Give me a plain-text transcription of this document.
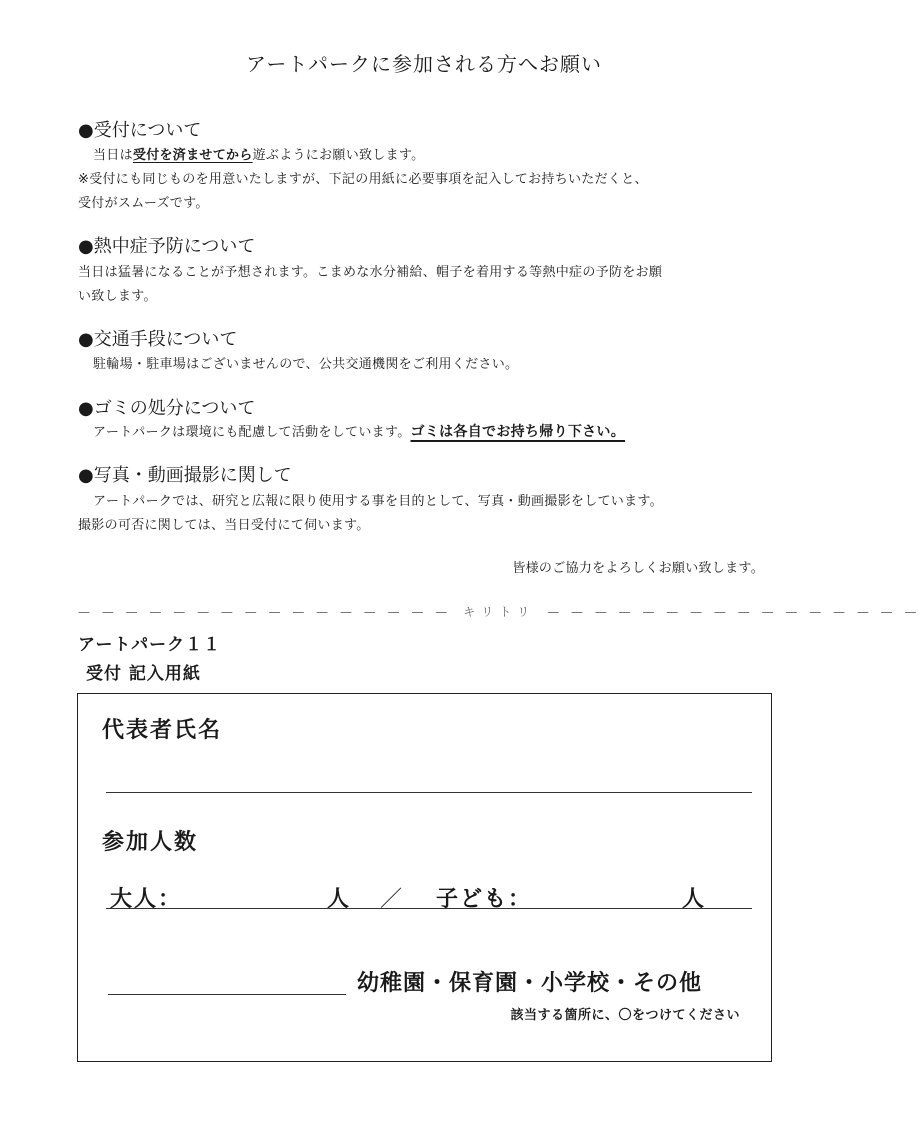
アートパークに参加される方へお願い
●受付について
当日は受付を済ませてから遊ぶようにお願い致します。
※受付にも同じものを用意いたしますが、下記の用紙に必要事項を記入してお持ちいただくと、
受付がスムーズです。
●熱中症予防について
当日は猛暑になることが予想されます。こまめな水分補給、帽子を着用する等熱中症の予防をお願
い致します。
●交通手段について
駐輪場・駐車場はございませんので、公共交通機関をご利用ください。
●ゴミの処分について
アートパークは環境にも配慮して活動をしています。ゴミは各自でお持ち帰り下さい。
●写真・動画撮影に関して
アートパークでは、研究と広報に限り使用する事を目的として、写真・動画撮影をしています。
撮影の可否に関しては、当日受付にて伺います。
皆様のご協力をよろしくお願い致します。
— — — — — — — — — — — — — — — — キリトリ — — — — — — — — — — — — — — — —
アートパーク１１
受付 記入用紙
代表者氏名
参加人数
大人：	人 ／ 子ども：	人
幼稚園・保育園・小学校・その他
該当する箇所に、〇をつけてください
